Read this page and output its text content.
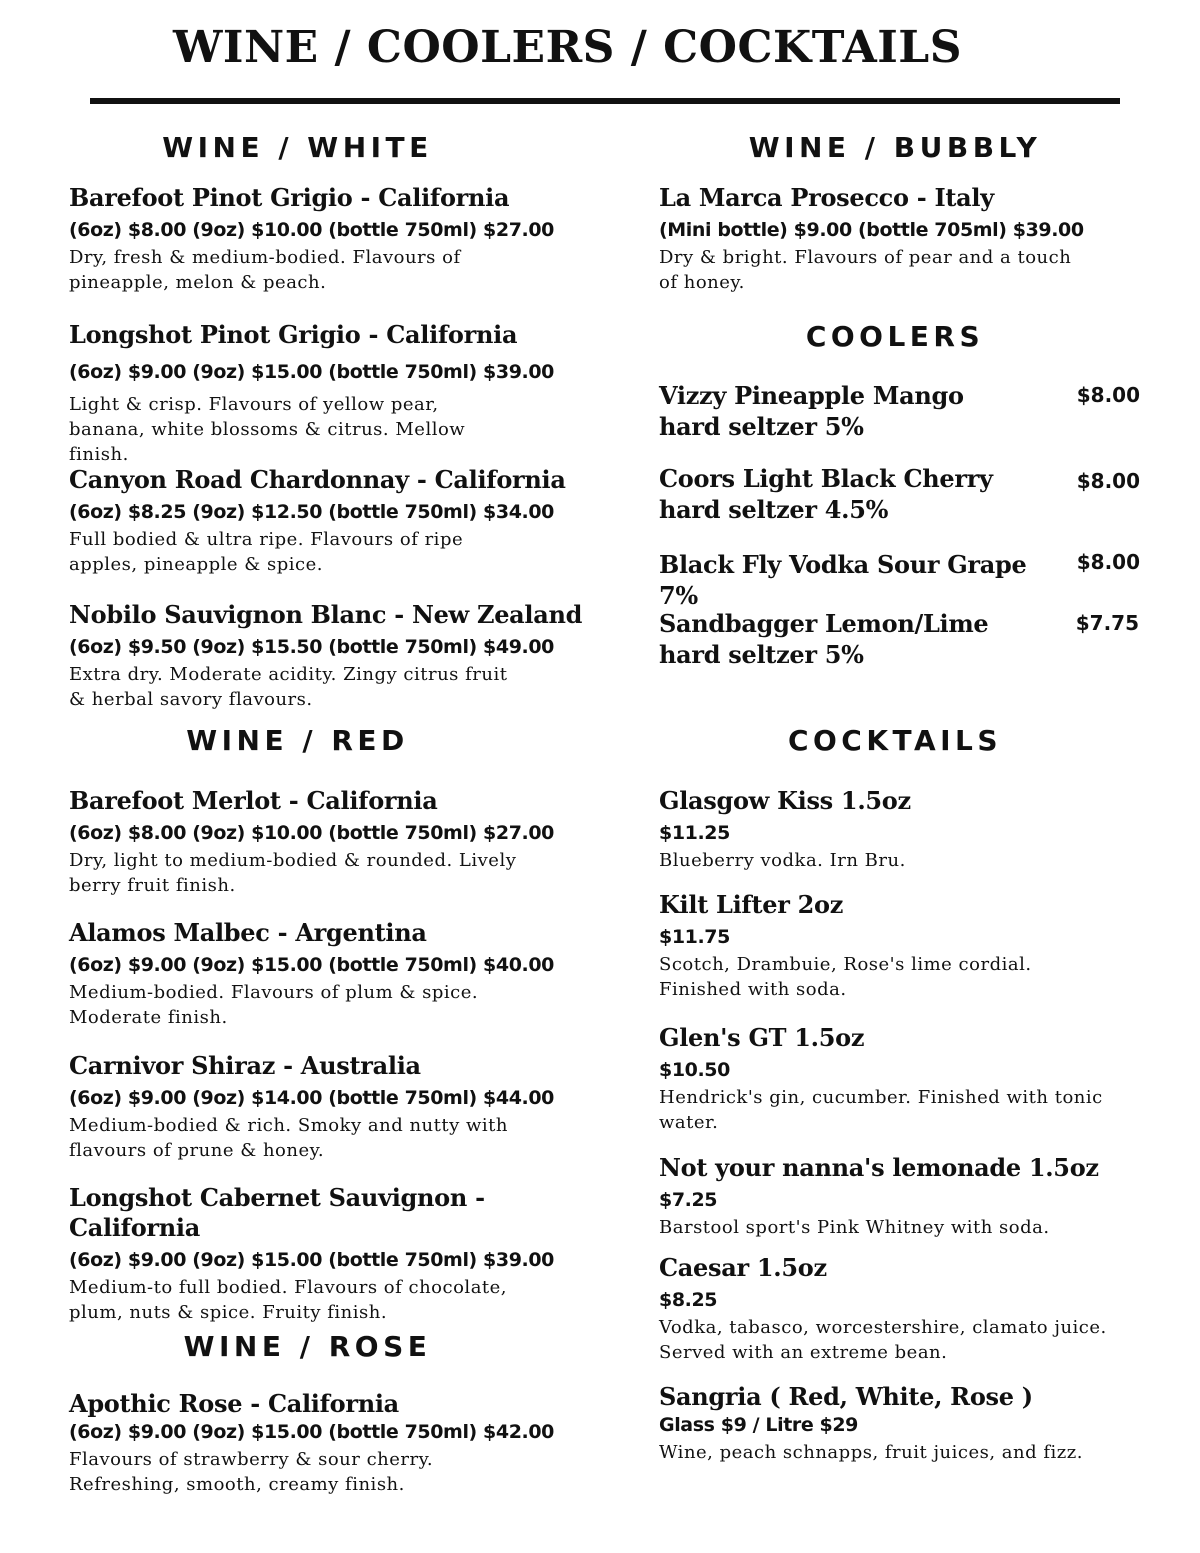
WINE / COOLERS / COCKTAILS
WINE / WHITE

Barefoot Pinot Grigio - California

(6oz) $8.00 (9oz) $10.00 (bottle 750ml) $27.00

Dry, fresh & medium-bodied. Flavours of pineapple, melon & peach.

Longshot Pinot Grigio - California

(6oz) $9.00 (9oz) $15.00 (bottle 750ml) $39.00

Light & crisp. Flavours of yellow pear, banana, white blossoms & citrus. Mellow finish.

Canyon Road Chardonnay - California

(6oz) $8.25 (9oz) $12.50 (bottle 750ml) $34.00

Full bodied & ultra ripe. Flavours of ripe apples, pineapple & spice.

Nobilo Sauvignon Blanc - New Zealand

(6oz) $9.50 (9oz) $15.50 (bottle 750ml) $49.00

Extra dry. Moderate acidity. Zingy citrus fruit & herbal savory flavours.

WINE / RED

Barefoot Merlot - California

(6oz) $8.00 (9oz) $10.00 (bottle 750ml) $27.00

Dry, light to medium-bodied & rounded. Lively berry fruit finish.

Alamos Malbec - Argentina

(6oz) $9.00 (9oz) $15.00 (bottle 750ml) $40.00

Medium-bodied. Flavours of plum & spice. Moderate finish.

Carnivor Shiraz - Australia

(6oz) $9.00 (9oz) $14.00 (bottle 750ml) $44.00

Medium-bodied & rich. Smoky and nutty with flavours of prune & honey.

Longshot Cabernet Sauvignon - California

(6oz) $9.00 (9oz) $15.00 (bottle 750ml) $39.00

Medium-to full bodied. Flavours of chocolate, plum, nuts & spice. Fruity finish.

WINE / ROSE

Apothic Rose - California

(6oz) $9.00 (9oz) $15.00 (bottle 750ml) $42.00

Flavours of strawberry & sour cherry. Refreshing, smooth, creamy finish.

WINE / BUBBLY

La Marca Prosecco - Italy

(Mini bottle) $9.00 (bottle 705ml) $39.00

Dry & bright. Flavours of pear and a touch of honey.

COOLERS

Vizzy Pineapple Mango hard seltzer 5%

$8.00

Coors Light Black Cherry hard seltzer 4.5%

$8.00

Black Fly Vodka Sour Grape 7%

$8.00

Sandbagger Lemon/Lime hard seltzer 5%

$7.75
COCKTAILS

Glasgow Kiss 1.5oz

$11.25

Blueberry vodka. Irn Bru.

Kilt Lifter 2oz

$11.75

Scotch, Drambuie, Rose's lime cordial. Finished with soda.

Glen's GT 1.5oz

$10.50

Hendrick's gin, cucumber. Finished with tonic water.

Not your nanna's lemonade 1.5oz

$7.25

Barstool sport's Pink Whitney with soda.

Caesar 1.5oz

$8.25

Vodka, tabasco, worcestershire, clamato juice. Served with an extreme bean.

Sangria ( Red, White, Rose )

Glass $9 / Litre $29

Wine, peach schnapps, fruit juices, and fizz.
